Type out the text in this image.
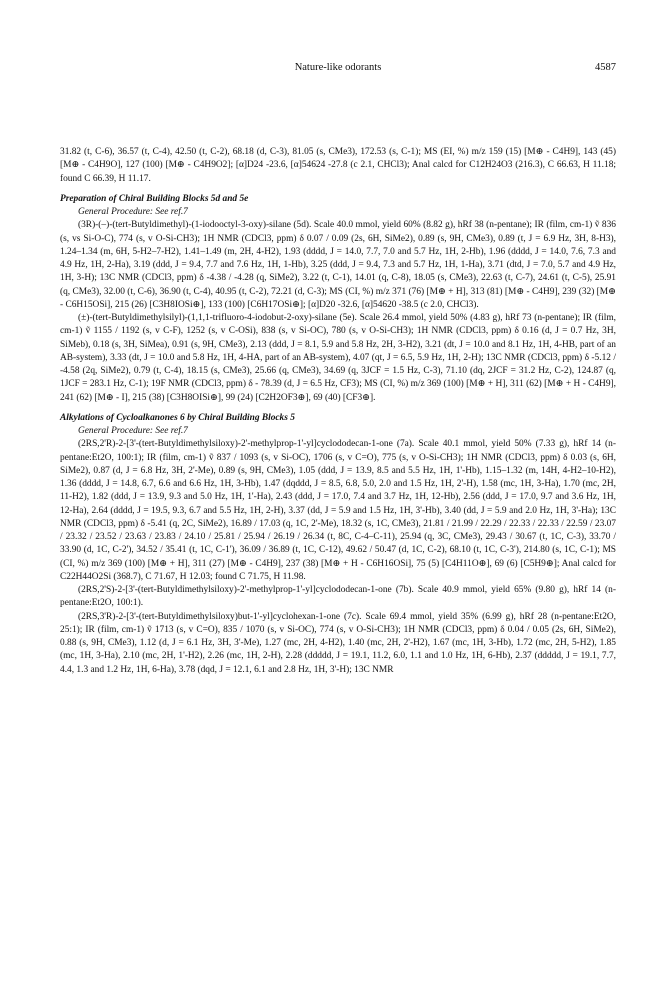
Nature-like odorants	4587

31.82 (t, C-6), 36.57 (t, C-4), 42.50 (t, C-2), 68.18 (d, C-3), 81.05 (s, CMe3), 172.53 (s, C-1); MS (EI, %) m/z 159 (15) [M⊕ - C4H9], 143 (45) [M⊕ - C4H9O], 127 (100) [M⊕ - C4H9O2]; [α]D24 -23.6, [α]54624 -27.8 (c 2.1, CHCl3); Anal calcd for C12H24O3 (216.3), C 66.63, H 11.18; found C 66.39, H 11.17.

Preparation of Chiral Building Blocks 5d and 5e

General Procedure: See ref.7

(3R)-(–)-(tert-Butyldimethyl)-(1-iodooctyl-3-oxy)-silane (5d). Scale 40.0 mmol, yield 60% (8.82 g), hRf 38 (n-pentane); IR (film, cm-1) ṽ 836 (s, vs Si-O-C), 774 (s, v O-Si-CH3); 1H NMR (CDCl3, ppm) δ 0.07 / 0.09 (2s, 6H, SiMe2), 0.89 (s, 9H, CMe3), 0.89 (t, J = 6.9 Hz, 3H, 8-H3), 1.24–1.34 (m, 6H, 5-H2–7-H2), 1.41–1.49 (m, 2H, 4-H2), 1.93 (dddd, J = 14.0, 7.7, 7.0 and 5.7 Hz, 1H, 2-Hb), 1.96 (dddd, J = 14.0, 7.6, 7.3 and 4.9 Hz, 1H, 2-Ha), 3.19 (ddd, J = 9.4, 7.7 and 7.6 Hz, 1H, 1-Hb), 3.25 (ddd, J = 9.4, 7.3 and 5.7 Hz, 1H, 1-Ha), 3.71 (dtd, J = 7.0, 5.7 and 4.9 Hz, 1H, 3-H); 13C NMR (CDCl3, ppm) δ -4.38 / -4.28 (q, SiMe2), 3.22 (t, C-1), 14.01 (q, C-8), 18.05 (s, CMe3), 22.63 (t, C-7), 24.61 (t, C-5), 25.91 (q, CMe3), 32.00 (t, C-6), 36.90 (t, C-4), 40.95 (t, C-2), 72.21 (d, C-3); MS (CI, %) m/z 371 (76) [M⊕ + H], 313 (81) [M⊕ - C4H9], 239 (32) [M⊕ - C6H15OSi], 215 (26) [C3H8IOSi⊕], 133 (100) [C6H17OSi⊕]; [α]D20 -32.6, [α]54620 -38.5 (c 2.0, CHCl3).

(±)-(tert-Butyldimethylsilyl)-(1,1,1-trifluoro-4-iodobut-2-oxy)-silane (5e). Scale 26.4 mmol, yield 50% (4.83 g), hRf 73 (n-pentane); IR (film, cm-1) ṽ 1155 / 1192 (s, v C-F), 1252 (s, v C-OSi), 838 (s, v Si-OC), 780 (s, v O-Si-CH3); 1H NMR (CDCl3, ppm) δ 0.16 (d, J = 0.7 Hz, 3H, SiMeb), 0.18 (s, 3H, SiMea), 0.91 (s, 9H, CMe3), 2.13 (ddd, J = 8.1, 5.9 and 5.8 Hz, 2H, 3-H2), 3.21 (dt, J = 10.0 and 8.1 Hz, 1H, 4-HB, part of an AB-system), 3.33 (dt, J = 10.0 and 5.8 Hz, 1H, 4-HA, part of an AB-system), 4.07 (qt, J = 6.5, 5.9 Hz, 1H, 2-H); 13C NMR (CDCl3, ppm) δ -5.12 / -4.58 (2q, SiMe2), 0.79 (t, C-4), 18.15 (s, CMe3), 25.66 (q, CMe3), 34.69 (q, 3JCF = 1.5 Hz, C-3), 71.10 (dq, 2JCF = 31.2 Hz, C-2), 124.87 (q, 1JCF = 283.1 Hz, C-1); 19F NMR (CDCl3, ppm) δ - 78.39 (d, J = 6.5 Hz, CF3); MS (CI, %) m/z 369 (100) [M⊕ + H], 311 (62) [M⊕ + H - C4H9], 241 (62) [M⊕ - I], 215 (38) [C3H8OISi⊕], 99 (24) [C2H2OF3⊕], 69 (40) [CF3⊕].

Alkylations of Cycloalkanones 6 by Chiral Building Blocks 5

General Procedure: See ref.7

(2RS,2'R)-2-[3'-(tert-Butyldimethylsiloxy)-2'-methylprop-1'-yl]cyclododecan-1-one (7a). Scale 40.1 mmol, yield 50% (7.33 g), hRf 14 (n-pentane:Et2O, 100:1); IR (film, cm-1) ṽ 837 / 1093 (s, v Si-OC), 1706 (s, v C=O), 775 (s, v O-Si-CH3); 1H NMR (CDCl3, ppm) δ 0.03 (s, 6H, SiMe2), 0.87 (d, J = 6.8 Hz, 3H, 2'-Me), 0.89 (s, 9H, CMe3), 1.05 (ddd, J = 13.9, 8.5 and 5.5 Hz, 1H, 1'-Hb), 1.15–1.32 (m, 14H, 4-H2–10-H2), 1.36 (dddd, J = 14.8, 6.7, 6.6 and 6.6 Hz, 1H, 3-Hb), 1.47 (dqddd, J = 8.5, 6.8, 5.0, 2.0 and 1.5 Hz, 1H, 2'-H), 1.58 (mc, 1H, 3-Ha), 1.70 (mc, 2H, 11-H2), 1.82 (ddd, J = 13.9, 9.3 and 5.0 Hz, 1H, 1'-Ha), 2.43 (ddd, J = 17.0, 7.4 and 3.7 Hz, 1H, 12-Hb), 2.56 (ddd, J = 17.0, 9.7 and 3.6 Hz, 1H, 12-Ha), 2.64 (dddd, J = 19.5, 9.3, 6.7 and 5.5 Hz, 1H, 2-H), 3.37 (dd, J = 5.9 and 1.5 Hz, 1H, 3'-Hb), 3.40 (dd, J = 5.9 and 2.0 Hz, 1H, 3'-Ha); 13C NMR (CDCl3, ppm) δ -5.41 (q, 2C, SiMe2), 16.89 / 17.03 (q, 1C, 2'-Me), 18.32 (s, 1C, CMe3), 21.81 / 21.99 / 22.29 / 22.33 / 22.33 / 22.59 / 23.07 / 23.32 / 23.52 / 23.63 / 23.83 / 24.10 / 25.81 / 25.94 / 26.19 / 26.34 (t, 8C, C-4–C-11), 25.94 (q, 3C, CMe3), 29.43 / 30.67 (t, 1C, C-3), 33.70 / 33.90 (d, 1C, C-2'), 34.52 / 35.41 (t, 1C, C-1'), 36.09 / 36.89 (t, 1C, C-12), 49.62 / 50.47 (d, 1C, C-2), 68.10 (t, 1C, C-3'), 214.80 (s, 1C, C-1); MS (CI, %) m/z 369 (100) [M⊕ + H], 311 (27) [M⊕ - C4H9], 237 (38) [M⊕ + H - C6H16OSi], 75 (5) [C4H11O⊕], 69 (6) [C5H9⊕]; Anal calcd for C22H44O2Si (368.7), C 71.67, H 12.03; found C 71.75, H 11.98.

(2RS,2'S)-2-[3'-(tert-Butyldimethylsiloxy)-2'-methylprop-1'-yl]cyclododecan-1-one (7b). Scale 40.9 mmol, yield 65% (9.80 g), hRf 14 (n-pentane:Et2O, 100:1).

(2RS,3'R)-2-[3'-(tert-Butyldimethylsiloxy)but-1'-yl]cyclohexan-1-one (7c). Scale 69.4 mmol, yield 35% (6.99 g), hRf 28 (n-pentane:Et2O, 25:1); IR (film, cm-1) ṽ 1713 (s, v C=O), 835 / 1070 (s, v Si-OC), 774 (s, v O-Si-CH3); 1H NMR (CDCl3, ppm) δ 0.04 / 0.05 (2s, 6H, SiMe2), 0.88 (s, 9H, CMe3), 1.12 (d, J = 6.1 Hz, 3H, 3'-Me), 1.27 (mc, 2H, 4-H2), 1.40 (mc, 2H, 2'-H2), 1.67 (mc, 1H, 3-Hb), 1.72 (mc, 2H, 5-H2), 1.85 (mc, 1H, 3-Ha), 2.10 (mc, 2H, 1'-H2), 2.26 (mc, 1H, 2-H), 2.28 (ddddd, J = 19.1, 11.2, 6.0, 1.1 and 1.0 Hz, 1H, 6-Hb), 2.37 (ddddd, J = 19.1, 7.7, 4.4, 1.3 and 1.2 Hz, 1H, 6-Ha), 3.78 (dqd, J = 12.1, 6.1 and 2.8 Hz, 1H, 3'-H); 13C NMR
